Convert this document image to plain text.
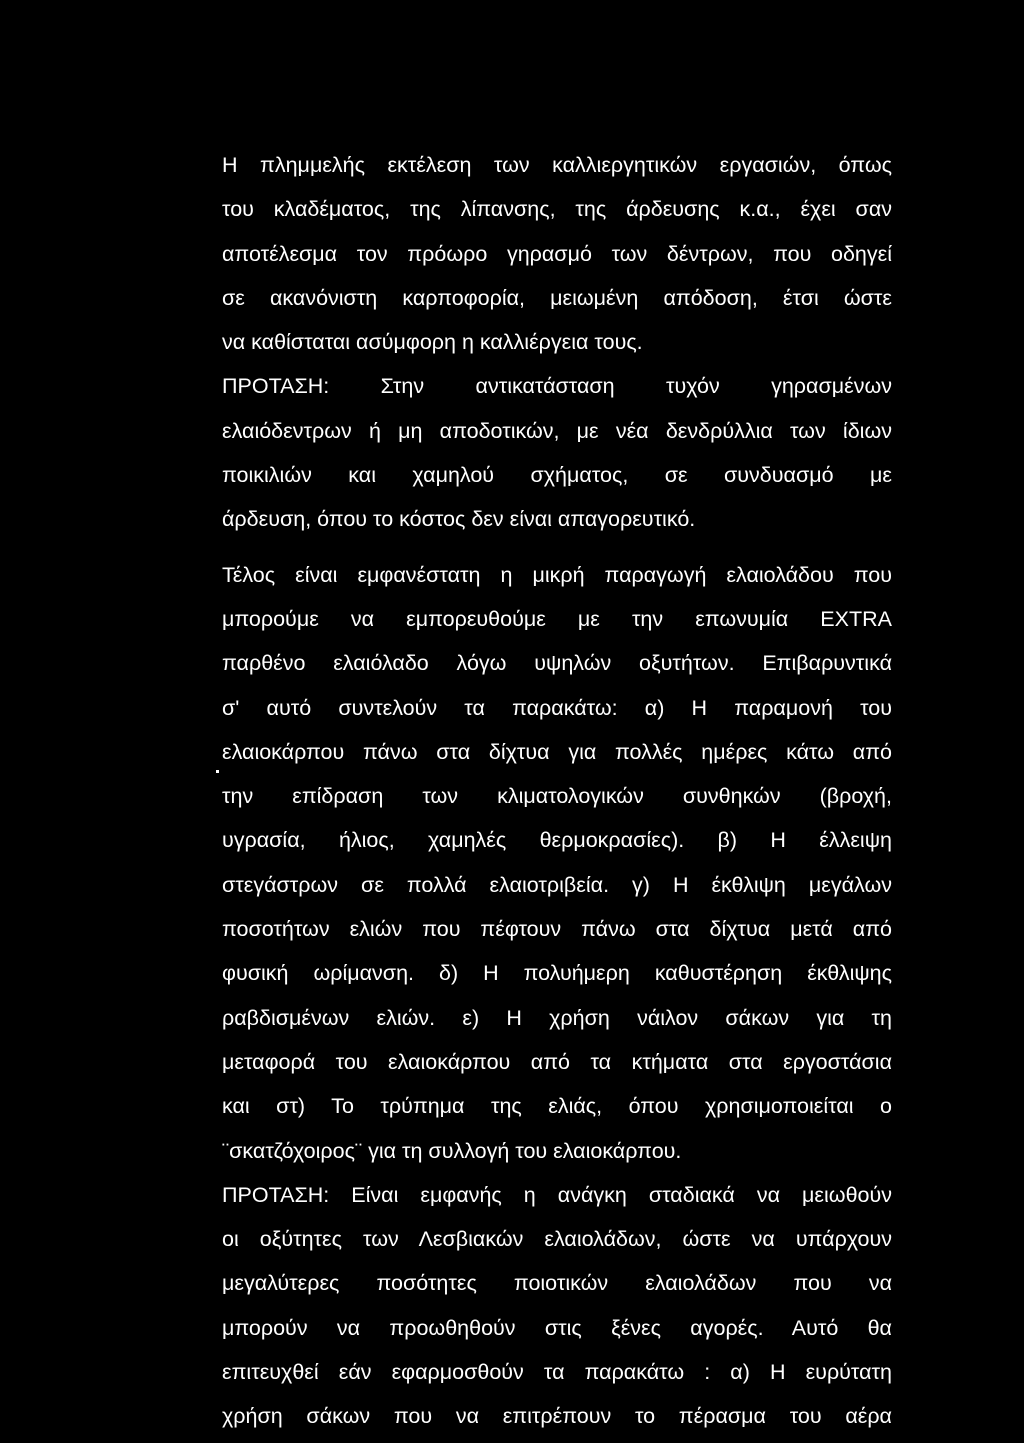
Η πλημμελής εκτέλεση των καλλιεργητικών εργασιών, όπως
του κλαδέματος, της λίπανσης, της άρδευσης κ.α., έχει σαν
αποτέλεσμα τον πρόωρο γηρασμό των δέντρων, που οδηγεί
σε ακανόνιστη καρποφορία, μειωμένη απόδοση, έτσι ώστε
να καθίσταται ασύμφορη η καλλιέργεια τους.
ΠΡΟΤΑΣΗ: Στην αντικατάσταση τυχόν γηρασμένων
ελαιόδεντρων ή μη αποδοτικών, με νέα δενδρύλλια των ίδιων
ποικιλιών και χαμηλού σχήματος, σε συνδυασμό με
άρδευση, όπου το κόστος δεν είναι απαγορευτικό.
Τέλος είναι εμφανέστατη η μικρή παραγωγή ελαιολάδου που
μπορούμε να εμπορευθούμε με την επωνυμία EXTRA
παρθένο ελαιόλαδο λόγω υψηλών οξυτήτων. Επιβαρυντικά
σ' αυτό συντελούν τα παρακάτω: α) Η παραμονή του
ελαιοκάρπου πάνω στα δίχτυα για πολλές ημέρες κάτω από
την επίδραση των κλιματολογικών συνθηκών (βροχή,
υγρασία, ήλιος, χαμηλές θερμοκρασίες). β) Η έλλειψη
στεγάστρων σε πολλά ελαιοτριβεία. γ) Η έκθλιψη μεγάλων
ποσοτήτων ελιών που πέφτουν πάνω στα δίχτυα μετά από
φυσική ωρίμανση. δ) Η πολυήμερη καθυστέρηση έκθλιψης
ραβδισμένων ελιών. ε) Η χρήση νάιλον σάκων για τη
μεταφορά του ελαιοκάρπου από τα κτήματα στα εργοστάσια
και στ) Το τρύπημα της ελιάς, όπου χρησιμοποιείται ο
¨σκατζόχοιρος¨ για τη συλλογή του ελαιοκάρπου.
ΠΡΟΤΑΣΗ: Είναι εμφανής η ανάγκη σταδιακά να μειωθούν
οι οξύτητες των Λεσβιακών ελαιολάδων, ώστε να υπάρχουν
μεγαλύτερες ποσότητες ποιοτικών ελαιολάδων που να
μπορούν να προωθηθούν στις ξένες αγορές. Αυτό θα
επιτευχθεί εάν εφαρμοσθούν τα παρακάτω : α) Η ευρύτατη
χρήση σάκων που να επιτρέπουν το πέρασμα του αέρα
